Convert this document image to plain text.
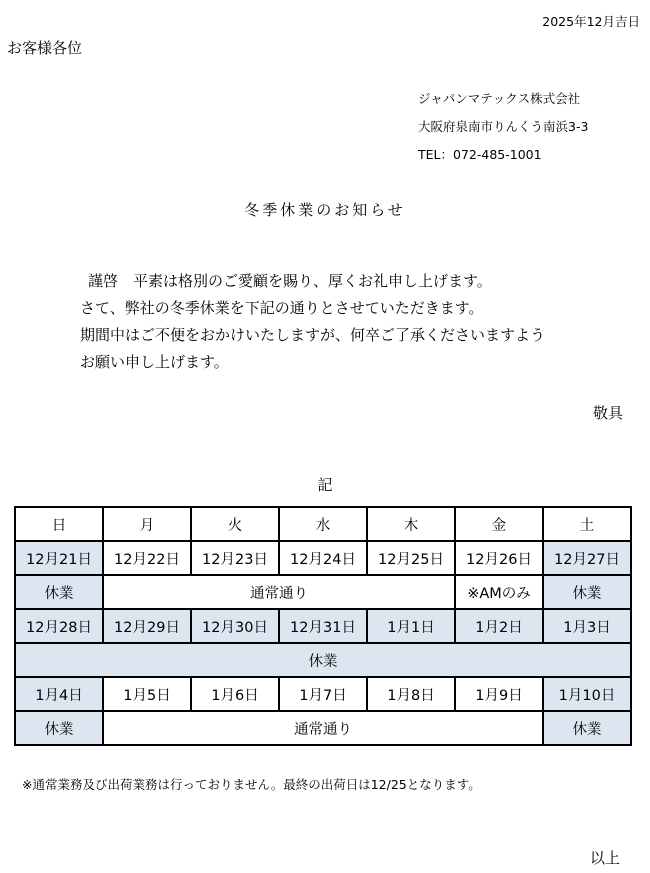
2025年12月吉日
お客様各位
ジャパンマテックス株式会社
大阪府泉南市りんくう南浜3-3
TEL：072-485-1001
冬季休業のお知らせ
謹啓　平素は格別のご愛顧を賜り、厚くお礼申し上げます。
さて、弊社の冬季休業を下記の通りとさせていただきます。
期間中はご不便をおかけいたしますが、何卒ご了承くださいますよう
お願い申し上げます。
敬具
記
日	月	火	水	木	金	土
12月21日	12月22日	12月23日	12月24日	12月25日	12月26日	12月27日
休業	通常通り				※AMのみ	休業
12月28日	12月29日	12月30日	12月31日	1月1日	1月2日	1月3日
休業						
1月4日	1月5日	1月6日	1月7日	1月8日	1月9日	1月10日
休業	通常通り					休業
※通常業務及び出荷業務は行っておりません。最終の出荷日は12/25となります。
以上
